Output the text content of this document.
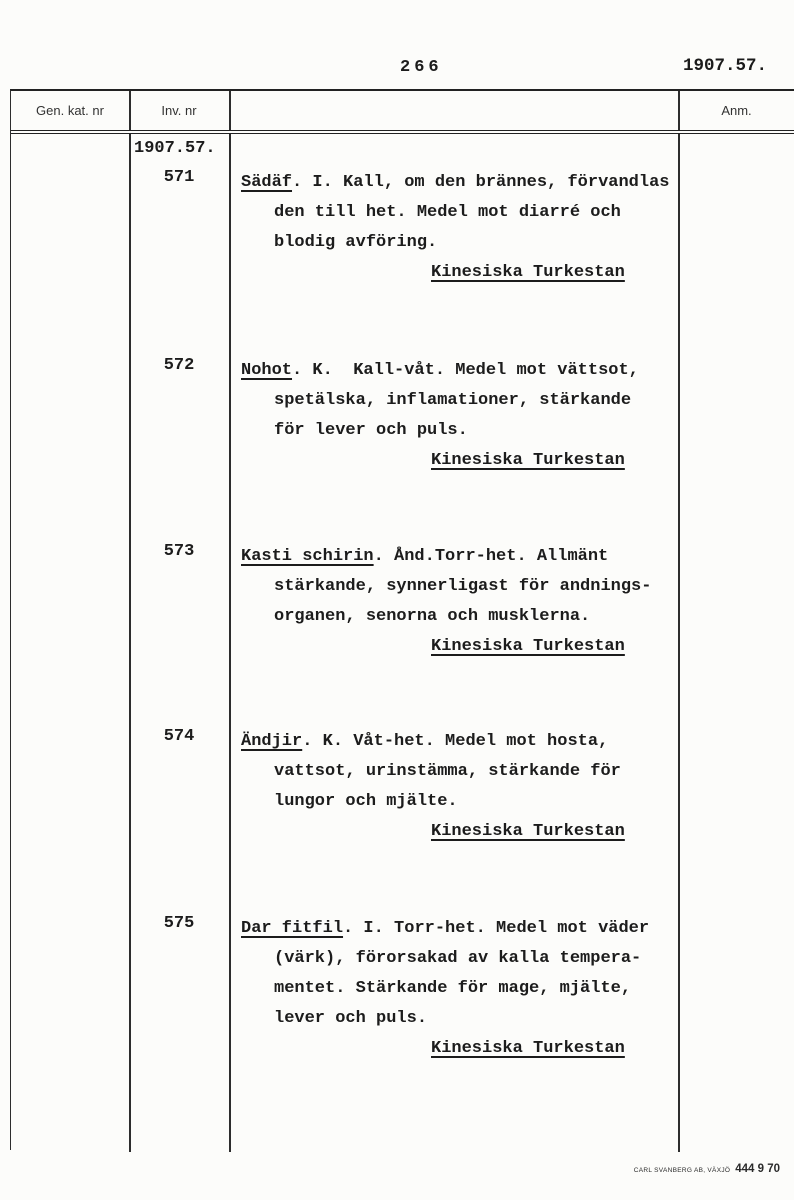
266	1907.57.
Gen. kat. nr	Inv. nr	Anm.
1907.57.
571	Sädäf. I. Kall, om den brännes, förvandlas
den till het. Medel mot diarré och
blodig avföring.
Kinesiska Turkestan
572	Nohot. K.  Kall-våt. Medel mot vättsot,
spetälska, inflamationer, stärkande
för lever och puls.
Kinesiska Turkestan
573	Kasti schirin. Ånd.Torr-het. Allmänt
stärkande, synnerligast för andnings-
organen, senorna och musklerna.
Kinesiska Turkestan
574	Ändjir. K. Våt-het. Medel mot hosta,
vattsot, urinstämma, stärkande för
lungor och mjälte.
Kinesiska Turkestan
575	Dar fitfil. I. Torr-het. Medel mot väder
(värk), förorsakad av kalla tempera-
mentet. Stärkande för mage, mjälte,
lever och puls.
Kinesiska Turkestan
CARL SVANBERG AB, VÄXJÖ 444 9 70
